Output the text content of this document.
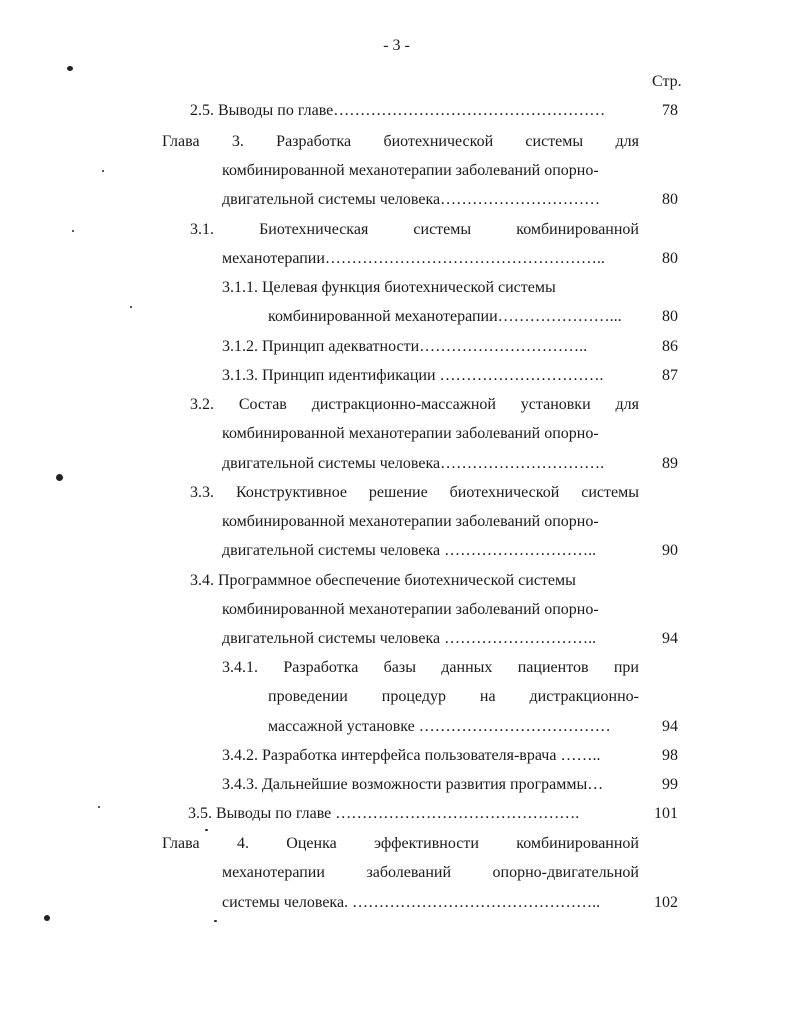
- 3 -
Стр.
2.5. Выводы по главе……………………………………………	78
Глава 3. Разработка биотехнической системы для
комбинированной механотерапии заболеваний опорно-
двигательной системы человека…………………………	80
3.1.	Биотехническая	системы	комбинированной
механотерапии……………………………………………..	80
3.1.1. Целевая функция биотехнической системы
комбинированной механотерапии…………………...	80
3.1.2. Принцип адекватности…………………………..	86
3.1.3. Принцип идентификации ………………………….	87
3.2. Состав дистракционно-массажной установки для
комбинированной механотерапии заболеваний опорно-
двигательной системы человека………………………….	89
3.3. Конструктивное решение биотехнической системы
комбинированной механотерапии заболеваний опорно-
двигательной системы человека ………………………..	90
3.4. Программное обеспечение биотехнической системы
комбинированной механотерапии заболеваний опорно-
двигательной системы человека ………………………..	94
3.4.1. Разработка базы данных пациентов при
проведении процедур на дистракционно-
массажной установке ………………………………	94
3.4.2. Разработка интерфейса пользователя-врача ……..	98
3.4.3. Дальнейшие возможности развития программы…	99
3.5. Выводы по главе ……………………………………….	101
Глава 4. Оценка эффективности комбинированной
механотерапии	заболеваний	опорно-двигательной
системы человека. ………………………………………..	102
